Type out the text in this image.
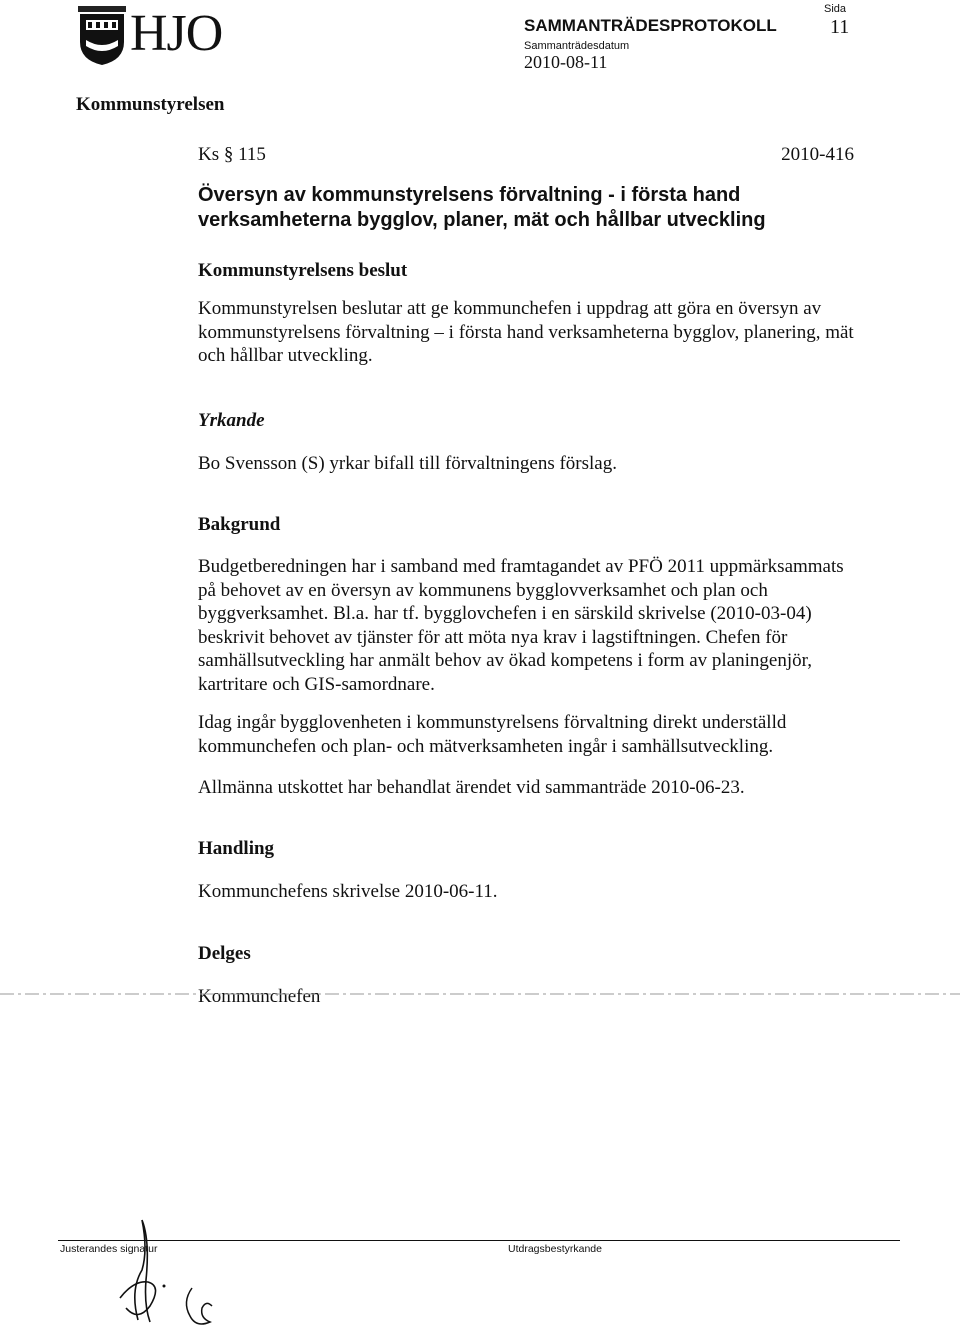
HJO	SAMMANTRÄDESPROTOKOLL
Sammanträdesdatum
2010-08-11
Sida
11
Kommunstyrelsen
Ks § 115	2010-416
Översyn av kommunstyrelsens förvaltning - i första hand verksamheterna bygglov, planer, mät och hållbar utveckling
Kommunstyrelsens beslut
Kommunstyrelsen beslutar att ge kommunchefen i uppdrag att göra en översyn av kommunstyrelsens förvaltning – i första hand verksamheterna bygglov, planering, mät och hållbar utveckling.
Yrkande
Bo Svensson (S) yrkar bifall till förvaltningens förslag.
Bakgrund
Budgetberedningen har i samband med framtagandet av PFÖ 2011 uppmärksammats på behovet av en översyn av kommunens bygglovverksamhet och plan och byggverksamhet. Bl.a. har tf. bygglovchefen i en särskild skrivelse (2010-03-04) beskrivit behovet av tjänster för att möta nya krav i lagstiftningen. Chefen för samhällsutveckling har anmält behov av ökad kompetens i form av planingenjör, kartritare och GIS-samordnare.
Idag ingår bygglovenheten i kommunstyrelsens förvaltning direkt underställd kommunchefen och plan- och mätverksamheten ingår i samhällsutveckling.
Allmänna utskottet har behandlat ärendet vid sammanträde 2010-06-23.
Handling
Kommunchefens skrivelse 2010-06-11.
Delges
Kommunchefen
Justerandes signatur	Utdragsbestyrkande
